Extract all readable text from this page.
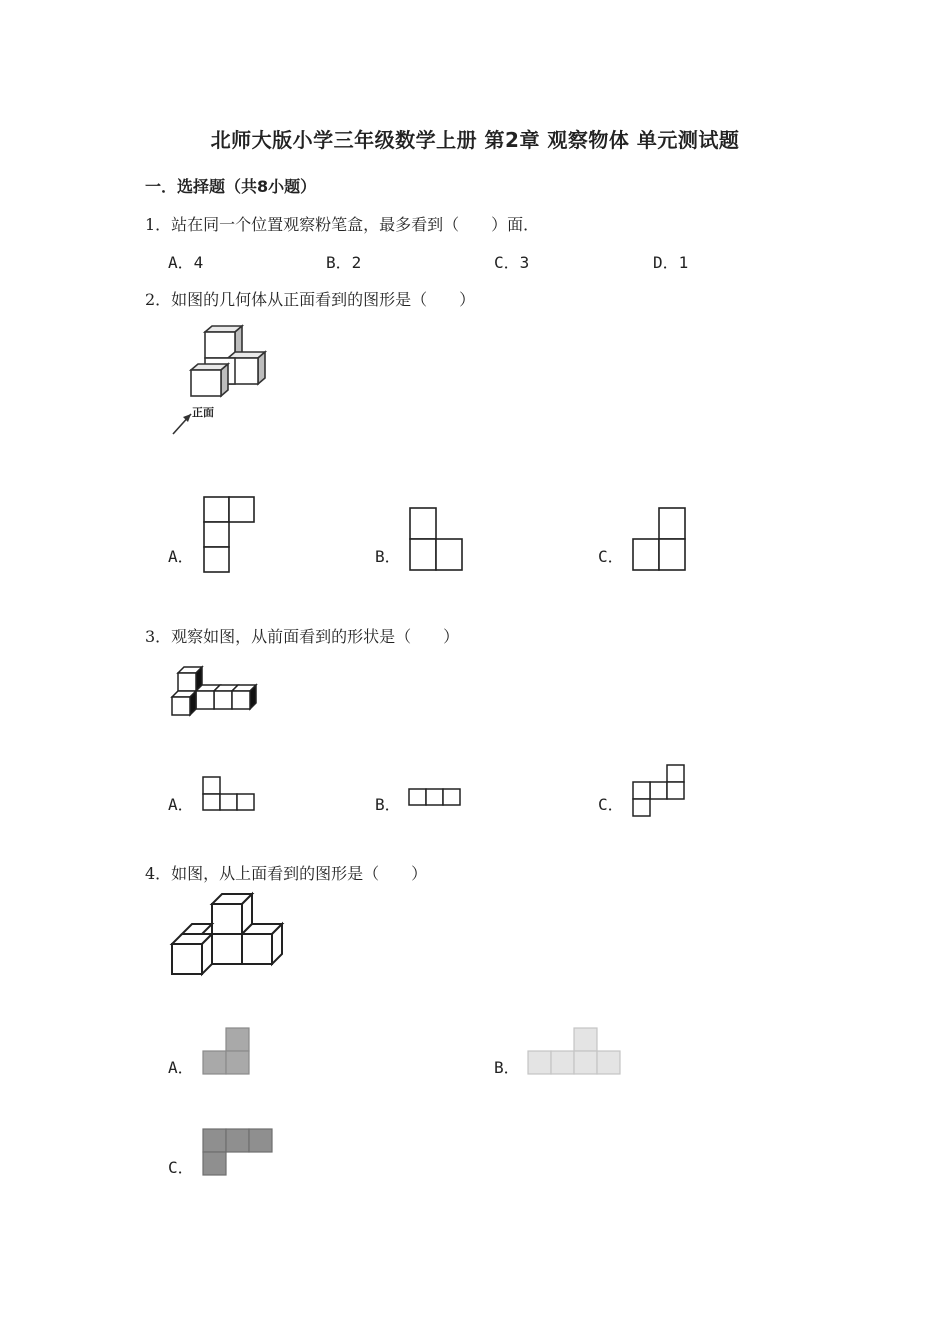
北师大版小学三年级数学上册 第2章 观察物体 单元测试题
一．选择题（共8小题）
1．站在同一个位置观察粉笔盒，最多看到（　　）面．
A．4	B．2	C．3	D．1
2．如图的几何体从正面看到的图形是（　　）
正面
A．	B．	C．
3．观察如图，从前面看到的形状是（　　）
A．	B．	C．
4．如图，从上面看到的图形是（　　）
A．	B．
C．
